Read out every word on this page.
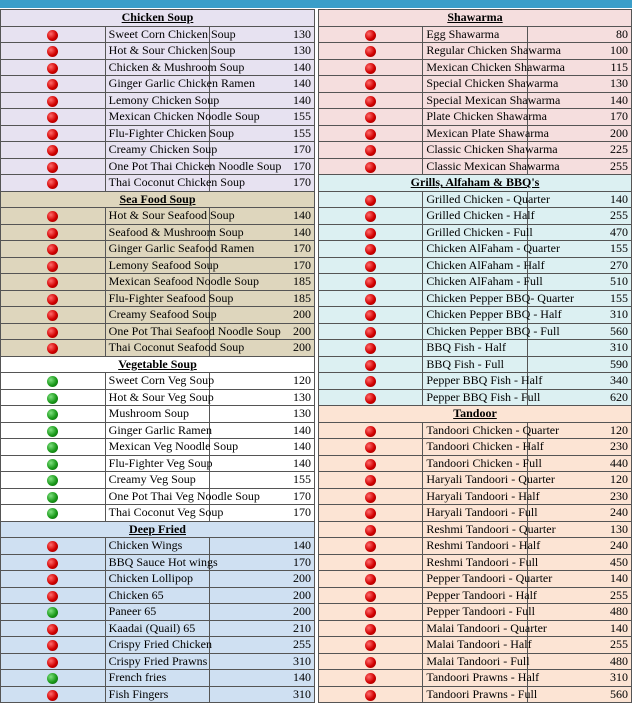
Chicken Soup		
	Sweet Corn Chicken Soup	130
	Hot & Sour Chicken Soup	130
	Chicken & Mushroom Soup	140
	Ginger Garlic Chicken Ramen	140
	Lemony Chicken Soup	140
	Mexican Chicken Noodle Soup	155
	Flu-Fighter Chicken Soup	155
	Creamy Chicken Soup	170
	One Pot Thai Chicken Noodle Soup	170
	Thai Coconut Chicken Soup	170
Sea Food Soup		
	Hot & Sour Seafood Soup	140
	Seafood & Mushroom Soup	140
	Ginger Garlic Seafood Ramen	170
	Lemony Seafood Soup	170
	Mexican Seafood Noodle Soup	185
	Flu-Fighter Seafood Soup	185
	Creamy Seafood Soup	200
	One Pot Thai Seafood Noodle Soup	200
	Thai Coconut Seafood Soup	200
Vegetable Soup		
	Sweet Corn Veg Soup	120
	Hot & Sour Veg Soup	130
	Mushroom Soup	130
	Ginger Garlic Ramen	140
	Mexican Veg Noodle Soup	140
	Flu-Fighter Veg Soup	140
	Creamy Veg Soup	155
	One Pot Thai Veg Noodle Soup	170
	Thai Coconut Veg Soup	170
Deep Fried		
	Chicken Wings	140
	BBQ Sauce Hot wings	170
	Chicken Lollipop	200
	Chicken 65	200
	Paneer 65	200
	Kaadai (Quail) 65	210
	Crispy Fried Chicken	255
	Crispy Fried Prawns	310
	French fries	140
	Fish Fingers	310
Shawarma		
	Egg Shawarma	80
	Regular Chicken Shawarma	100
	Mexican Chicken Shawarma	115
	Special Chicken Shawarma	130
	Special Mexican Shawarma	140
	Plate Chicken Shawarma	170
	Mexican Plate Shawarma	200
	Classic Chicken Shawarma	225
	Classic Mexican Shawarma	255
Grills, Alfaham & BBQ's		
	Grilled Chicken - Quarter	140
	Grilled Chicken - Half	255
	Grilled Chicken - Full	470
	Chicken AlFaham - Quarter	155
	Chicken AlFaham - Half	270
	Chicken AlFaham - Full	510
	Chicken Pepper BBQ- Quarter	155
	Chicken Pepper BBQ - Half	310
	Chicken Pepper BBQ - Full	560
	BBQ Fish - Half	310
	BBQ Fish - Full	590
	Pepper BBQ Fish - Half	340
	Pepper BBQ Fish - Full	620
Tandoor		
	Tandoori Chicken - Quarter	120
	Tandoori Chicken - Half	230
	Tandoori Chicken - Full	440
	Haryali Tandoori - Quarter	120
	Haryali Tandoori - Half	230
	Haryali Tandoori - Full	240
	Reshmi Tandoori - Quarter	130
	Reshmi Tandoori - Half	240
	Reshmi Tandoori - Full	450
	Pepper Tandoori - Quarter	140
	Pepper Tandoori - Half	255
	Pepper Tandoori - Full	480
	Malai Tandoori - Quarter	140
	Malai Tandoori - Half	255
	Malai Tandoori - Full	480
	Tandoori Prawns - Half	310
	Tandoori Prawns - Full	560
